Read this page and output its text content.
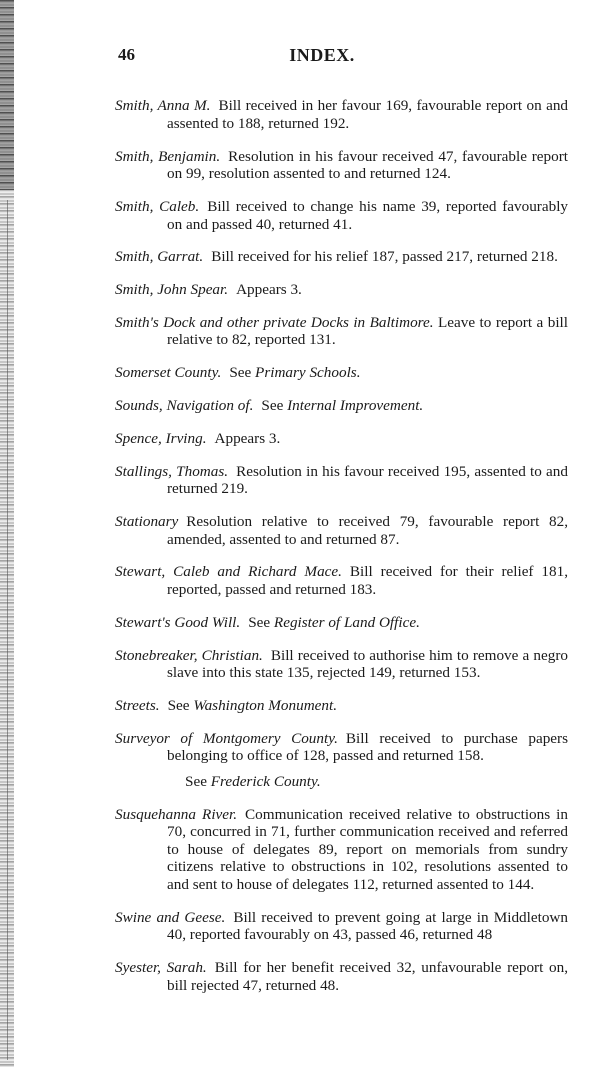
46	INDEX.

Smith, Anna M. Bill received in her favour 169, favourable report on and assented to 188, returned 192.

Smith, Benjamin. Resolution in his favour received 47, favourable report on 99, resolution assented to and returned 124.

Smith, Caleb. Bill received to change his name 39, reported favourably on and passed 40, returned 41.

Smith, Garrat. Bill received for his relief 187, passed 217, returned 218.

Smith, John Spear. Appears 3.

Smith's Dock and other private Docks in Baltimore. Leave to report a bill relative to 82, reported 131.

Somerset County. See Primary Schools.

Sounds, Navigation of. See Internal Improvement.

Spence, Irving. Appears 3.

Stallings, Thomas. Resolution in his favour received 195, assented to and returned 219.

Stationary Resolution relative to received 79, favourable report 82, amended, assented to and returned 87.

Stewart, Caleb and Richard Mace. Bill received for their relief 181, reported, passed and returned 183.

Stewart's Good Will. See Register of Land Office.

Stonebreaker, Christian. Bill received to authorise him to remove a negro slave into this state 135, rejected 149, returned 153.

Streets. See Washington Monument.

Surveyor of Montgomery County. Bill received to purchase papers belonging to office of 128, passed and returned 158.

See Frederick County.

Susquehanna River. Communication received relative to obstructions in 70, concurred in 71, further communication received and referred to house of delegates 89, report on memorials from sundry citizens relative to obstructions in 102, resolutions assented to and sent to house of delegates 112, returned assented to 144.

Swine and Geese. Bill received to prevent going at large in Middletown 40, reported favourably on 43, passed 46, returned 48

Syester, Sarah. Bill for her benefit received 32, unfavourable report on, bill rejected 47, returned 48.
